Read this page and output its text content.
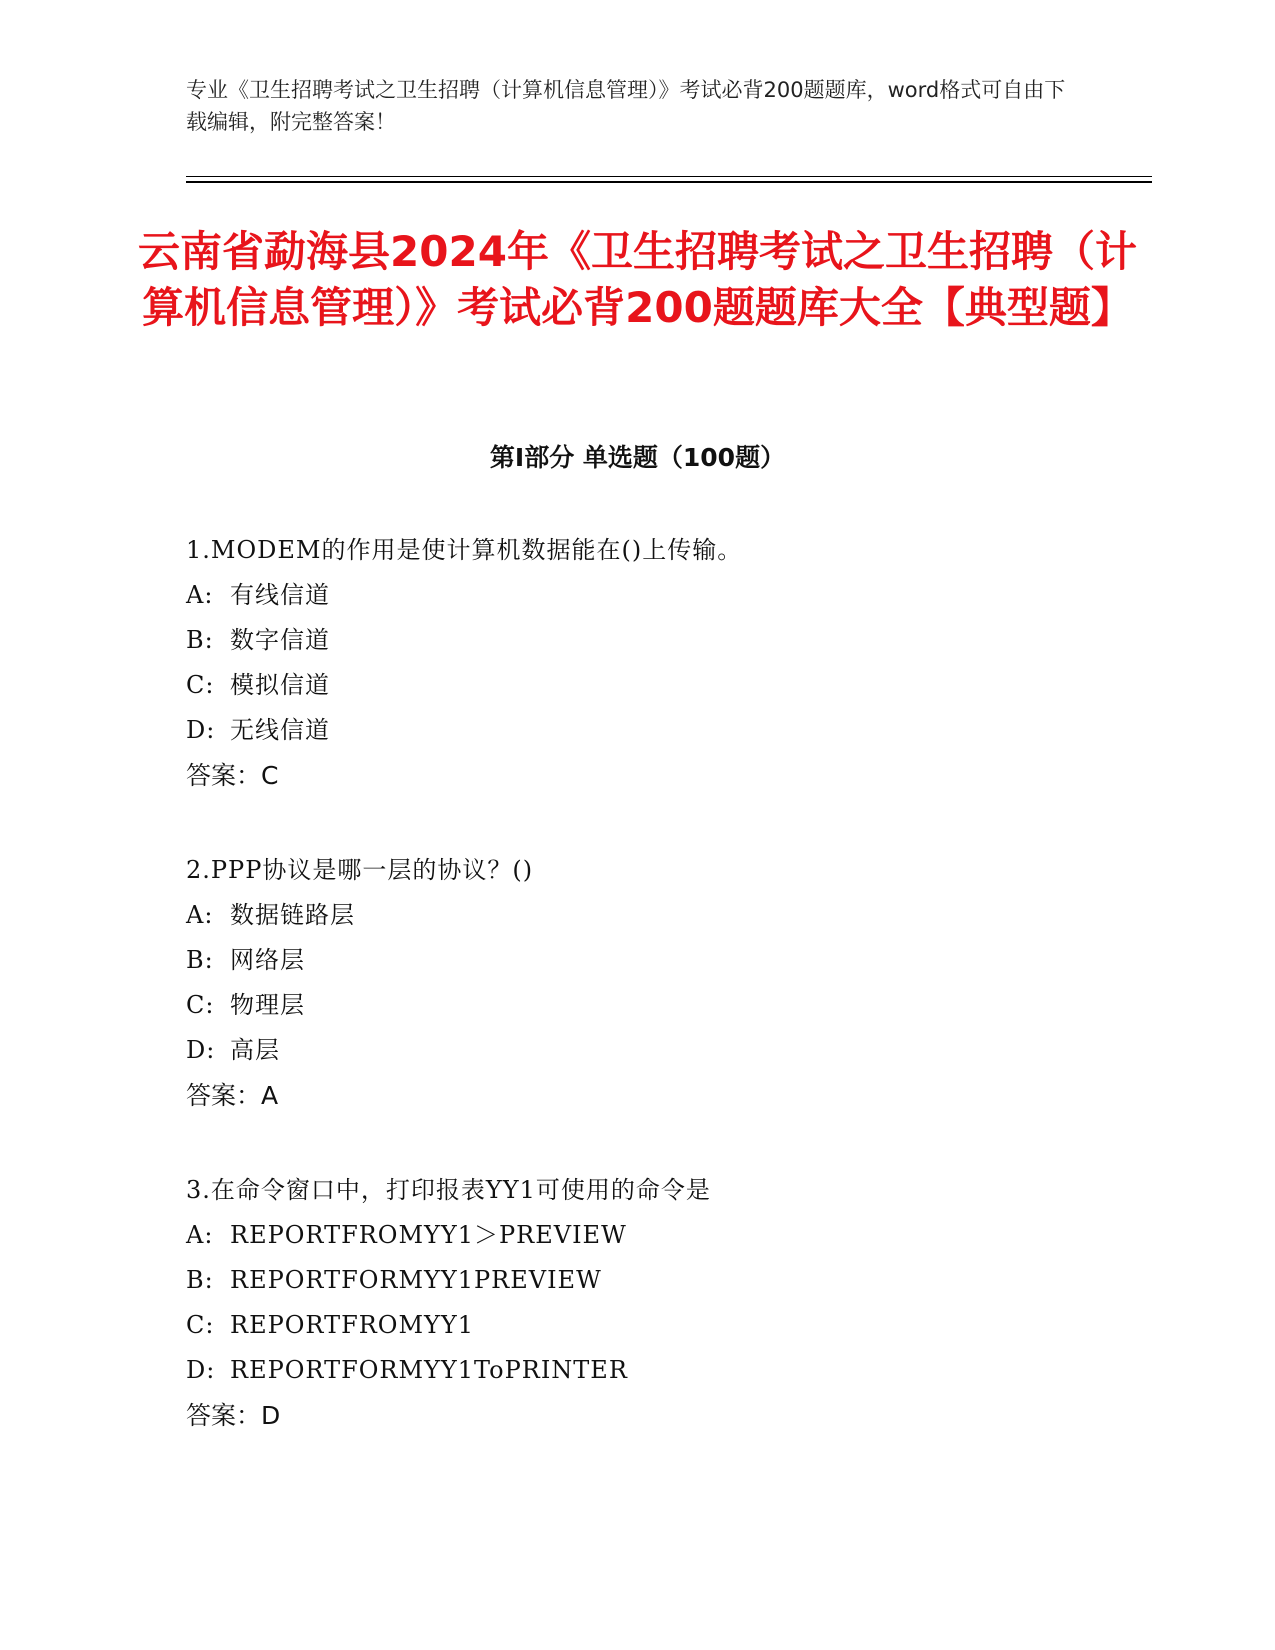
专业《卫生招聘考试之卫生招聘（计算机信息管理）》考试必背200题题库，word格式可自由下载编辑，附完整答案！

云南省勐海县2024年《卫生招聘考试之卫生招聘（计算机信息管理）》考试必背200题题库大全【典型题】
第Ⅰ部分 单选题（100题）

1.MODEM的作用是使计算机数据能在()上传输。

A: 有线信道

B: 数字信道

C: 模拟信道

D: 无线信道

答案：C

2.PPP协议是哪一层的协议？()

A: 数据链路层

B: 网络层

C: 物理层

D: 高层

答案：A

3.在命令窗口中，打印报表YY1可使用的命令是

A: REPORTFROMYY1＞PREVIEW

B: REPORTFORMYY1PREVIEW

C: REPORTFROMYY1

D: REPORTFORMYY1ToPRINTER

答案：D
